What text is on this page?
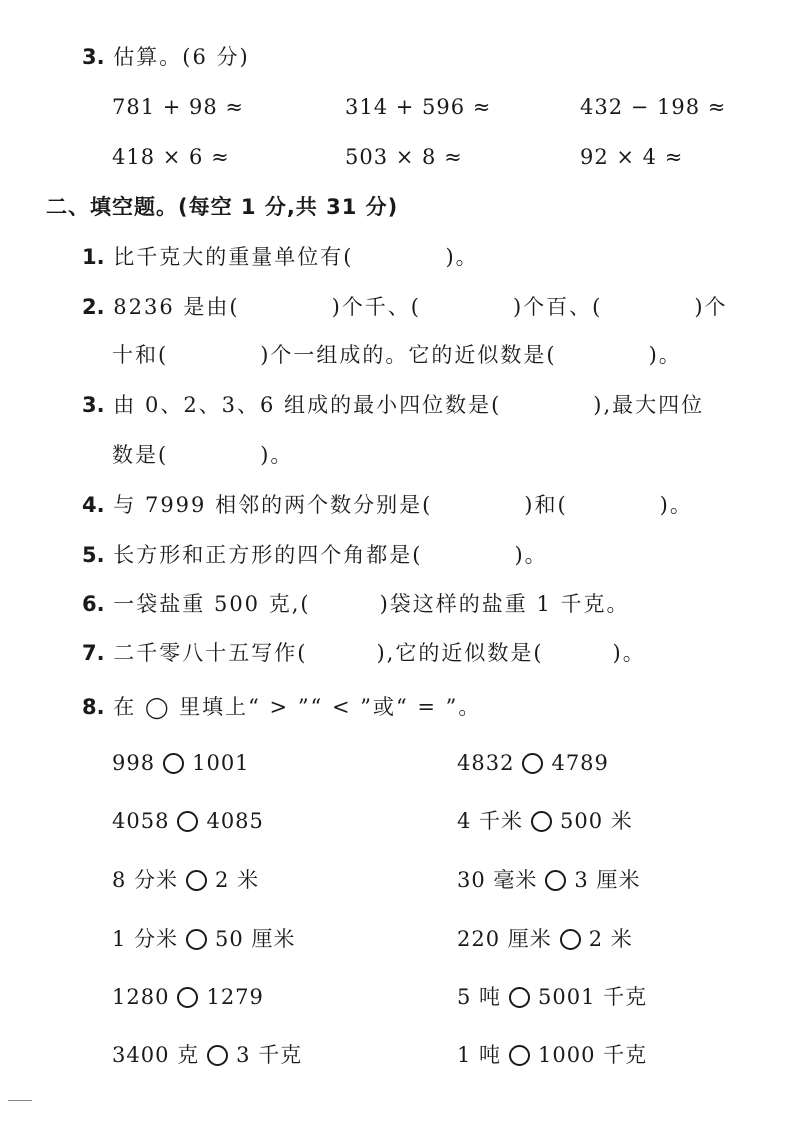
3. 估算。(6 分)
781 + 98 ≈	314 + 596 ≈	432 − 198 ≈
418 × 6 ≈	503 × 8 ≈	92 × 4 ≈
二、填空题。(每空 1 分,共 31 分)
1. 比千克大的重量单位有(　　　　)。
2. 8236 是由(　　　　)个千、(　　　　)个百、(　　　　)个
十和(　　　　)个一组成的。它的近似数是(　　　　)。
3. 由 0、2、3、6 组成的最小四位数是(　　　　),最大四位
数是(　　　　)。
4. 与 7999 相邻的两个数分别是(　　　　)和(　　　　)。
5. 长方形和正方形的四个角都是(　　　　)。
6. 一袋盐重 500 克,(　　　)袋这样的盐重 1 千克。
7. 二千零八十五写作(　　　),它的近似数是(　　　)。
8. 在 ◯ 里填上“ > ”“ < ”或“ = ”。
998 1001	4832 4789
4058 4085	4 千米 500 米
8 分米 2 米	30 毫米 3 厘米
1 分米 50 厘米	220 厘米 2 米
1280 1279	5 吨 5001 千克
3400 克 3 千克	1 吨 1000 千克
